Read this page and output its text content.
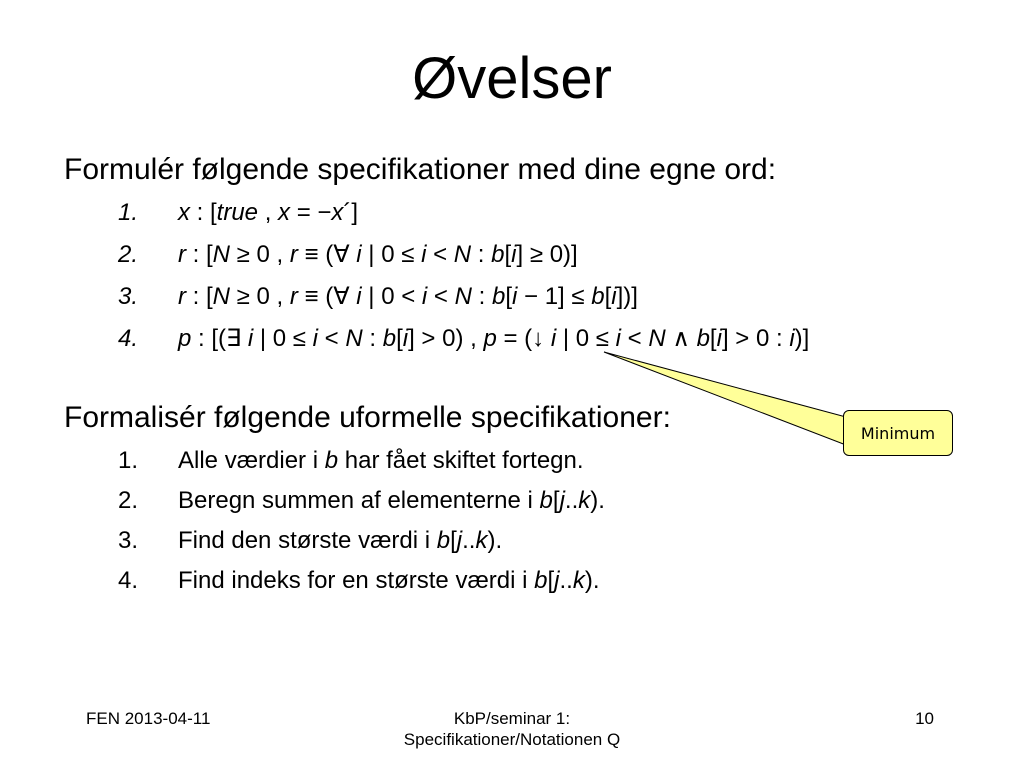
Øvelser
Formulér følgende specifikationer med dine egne ord:
1. x : [true , x = −x´]
2. r : [N ≥ 0 , r ≡ (∀ i | 0 ≤ i < N : b[i] ≥ 0)]
3. r : [N ≥ 0 , r ≡ (∀ i | 0 < i < N : b[i − 1] ≤ b[i])]
4. p : [(∃ i | 0 ≤ i < N : b[i] > 0) , p = (↓ i | 0 ≤ i < N ∧ b[i] > 0 : i)]
Formalisér følgende uformelle specifikationer:
1. Alle værdier i b har fået skiftet fortegn.
2. Beregn summen af elementerne i b[j..k).
3. Find den største værdi i b[j..k).
4. Find indeks for en største værdi i b[j..k).
Minimum
FEN 2013-04-11	KbP/seminar 1:
Specifikationer/Notationen Q
10
